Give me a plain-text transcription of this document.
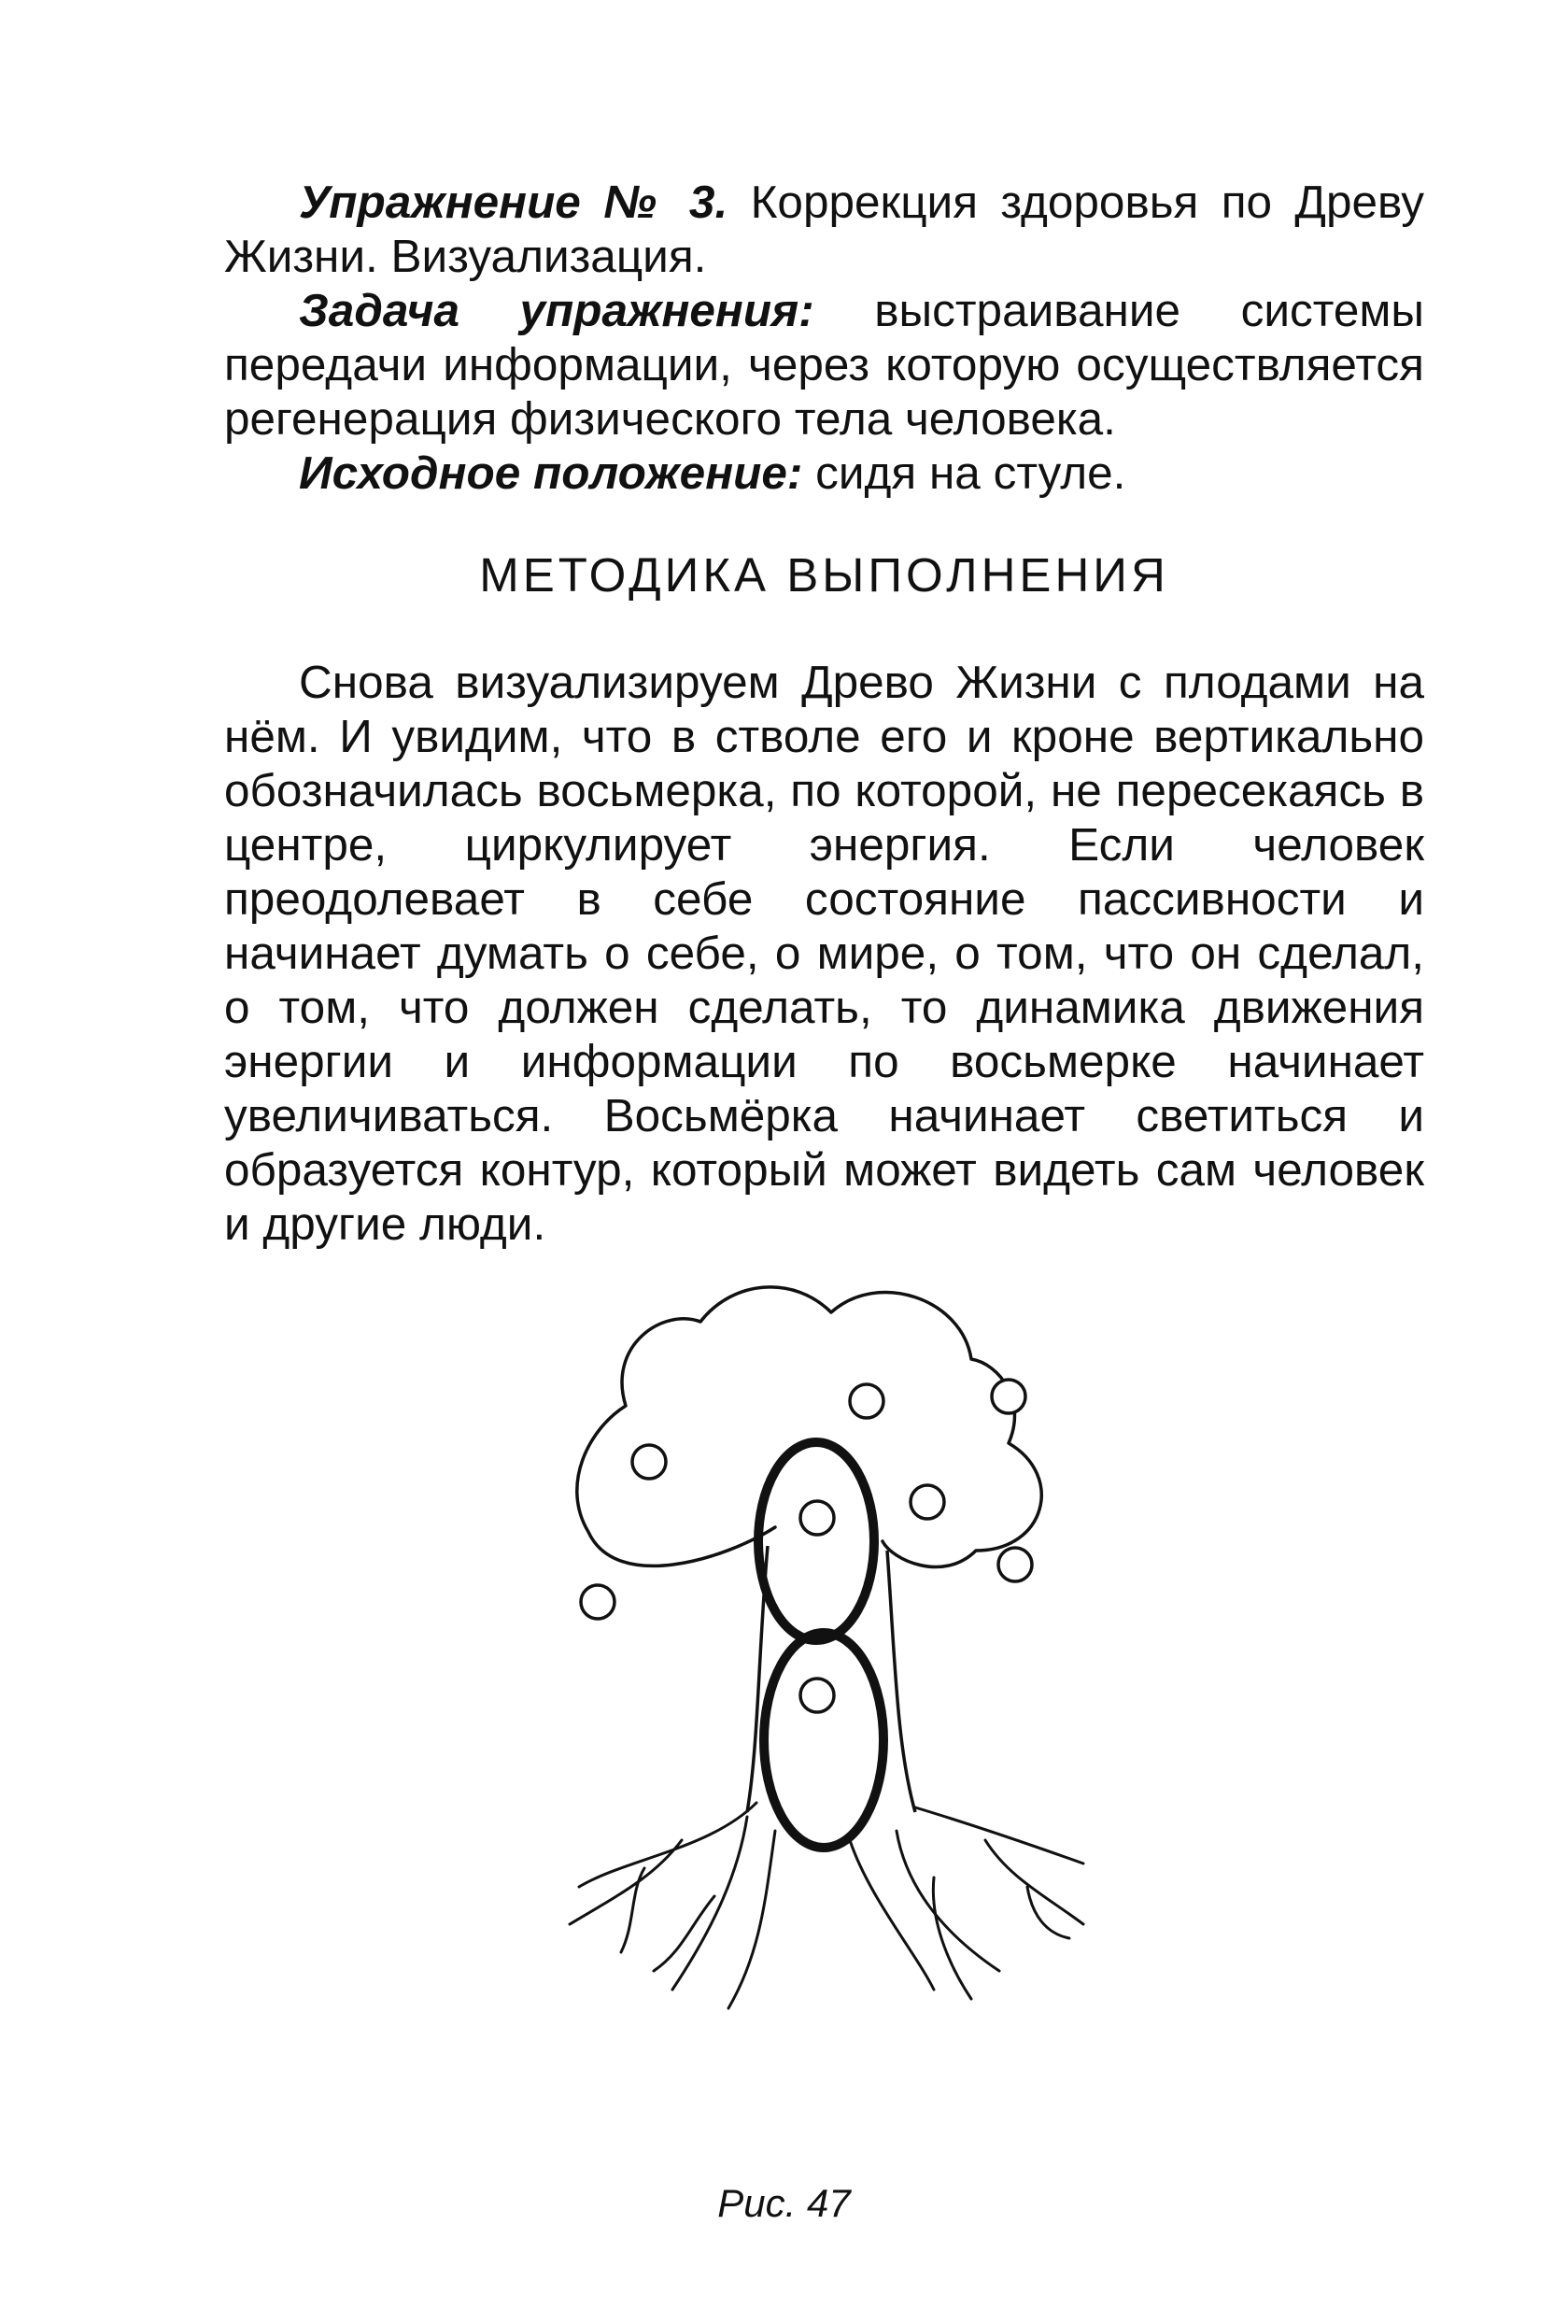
Упражнение № 3. Коррекция здоровья по Древу Жизни. Визуализация.

Задача упражнения: выстраивание системы передачи информации, через которую осуществляется регенерация физического тела человека.

Исходное положение: сидя на стуле.

МЕТОДИКА ВЫПОЛНЕНИЯ

Снова визуализируем Древо Жизни с плодами на нём. И увидим, что в стволе его и кроне вертикально обозначилась восьмерка, по которой, не пересекаясь в центре, циркулирует энергия. Если человек преодолевает в себе состояние пассивности и начинает думать о себе, о мире, о том, что он сделал, о том, что должен сделать, то динамика движения энергии и информации по восьмерке начинает увеличиваться. Восьмёрка начинает светиться и образуется контур, который может видеть сам человек и другие люди.

Рис. 47
